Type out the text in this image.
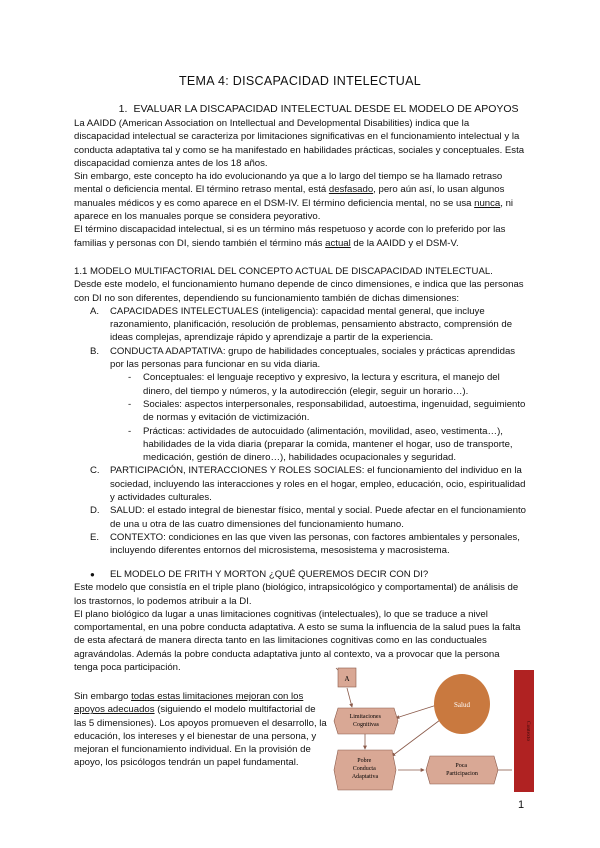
TEMA 4: DISCAPACIDAD INTELECTUAL
1. EVALUAR LA DISCAPACIDAD INTELECTUAL DESDE EL MODELO DE APOYOS

La AAIDD (American Association on Intellectual and Developmental Disabilities) indica que la discapacidad intelectual se caracteriza por limitaciones significativas en el funcionamiento intelectual y la conducta adaptativa tal y como se ha manifestado en habilidades prácticas, sociales y conceptuales. Esta discapacidad comienza antes de los 18 años.

Sin embargo, este concepto ha ido evolucionando ya que a lo largo del tiempo se ha llamado retraso mental o deficiencia mental. El término retraso mental, está desfasado, pero aún así, lo usan algunos manuales médicos y es como aparece en el DSM-IV. El término deficiencia mental, no se usa nunca, ni aparece en los manuales porque se considera peyorativo.

El término discapacidad intelectual, si es un término más respetuoso y acorde con lo preferido por las familias y personas con DI, siendo también el término más actual de la AAIDD y el DSM-V.

1.1 MODELO MULTIFACTORIAL DEL CONCEPTO ACTUAL DE DISCAPACIDAD INTELECTUAL.

Desde este modelo, el funcionamiento humano depende de cinco dimensiones, e indica que las personas con DI no son diferentes, dependiendo su funcionamiento también de dichas dimensiones:

A. CAPACIDADES INTELECTUALES (inteligencia): capacidad mental general, que incluye razonamiento, planificación, resolución de problemas, pensamiento abstracto, comprensión de ideas complejas, aprendizaje rápido y aprendizaje a partir de la experiencia.
B. CONDUCTA ADAPTATIVA: grupo de habilidades conceptuales, sociales y prácticas aprendidas por las personas para funcionar en su vida diaria.
- Conceptuales: el lenguaje receptivo y expresivo, la lectura y escritura, el manejo del dinero, del tiempo y números, y la autodirección (elegir, seguir un horario…).
- Sociales: aspectos interpersonales, responsabilidad, autoestima, ingenuidad, seguimiento de normas y evitación de victimización.
- Prácticas: actividades de autocuidado (alimentación, movilidad, aseo, vestimenta…), habilidades de la vida diaria (preparar la comida, mantener el hogar, uso de transporte, medicación, gestión de dinero…), habilidades ocupacionales y seguridad.
C. PARTICIPACIÓN, INTERACCIONES Y ROLES SOCIALES: el funcionamiento del individuo en la sociedad, incluyendo las interacciones y roles en el hogar, empleo, educación, ocio, espiritualidad y actividades culturales.
D. SALUD: el estado integral de bienestar físico, mental y social. Puede afectar en el funcionamiento de una u otra de las cuatro dimensiones del funcionamiento humano.
E. CONTEXTO: condiciones en las que viven las personas, con factores ambientales y personales, incluyendo diferentes entornos del microsistema, mesosistema y macrosistema.

● EL MODELO DE FRITH Y MORTON ¿QUÉ QUEREMOS DECIR CON DI?

Este modelo que consistía en el triple plano (biológico, intrapsicológico y comportamental) de análisis de los trastornos, lo podemos atribuir a la DI.

El plano biológico da lugar a unas limitaciones cognitivas (intelectuales), lo que se traduce a nivel comportamental, en una pobre conducta adaptativa. A esto se suma la influencia de la salud pues la falta de esta afectará de manera directa tanto en las limitaciones cognitivas como en las conductuales agravándolas. Además la pobre conducta adaptativa junto al contexto, va a provocar que la persona tenga poca participación.

Sin embargo todas estas limitaciones mejoran con los apoyos adecuados (siguiendo el modelo multifactorial de las 5 dimensiones). Los apoyos promueven el desarrollo, la educación, los intereses y el bienestar de una persona, y mejoran el funcionamiento individual. En la provisión de apoyo, los psicólogos tendrán un papel fundamental.

A
Limitaciones Cognitivas
Pobre Conducta Adaptativa
Salud
Poca Participacion
Contexto
1
